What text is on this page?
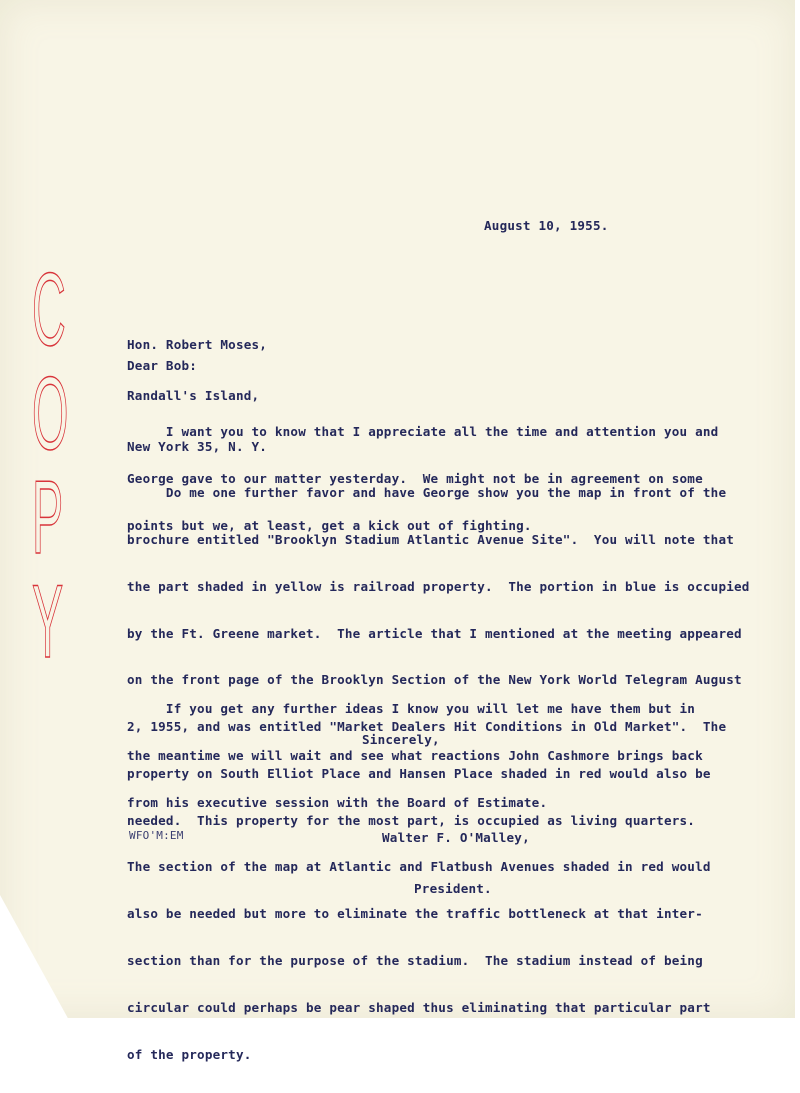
C
O
P
Y
August 10, 1955.

Hon. Robert Moses,

Randall's Island,

New York 35, N. Y.

Dear Bob:

I want you to know that I appreciate all the time and attention you and

George gave to our matter yesterday.  We might not be in agreement on some

points but we, at least, get a kick out of fighting.

Do me one further favor and have George show you the map in front of the

brochure entitled "Brooklyn Stadium Atlantic Avenue Site".  You will note that

the part shaded in yellow is railroad property.  The portion in blue is occupied

by the Ft. Greene market.  The article that I mentioned at the meeting appeared

on the front page of the Brooklyn Section of the New York World Telegram August

2, 1955, and was entitled "Market Dealers Hit Conditions in Old Market".  The

property on South Elliot Place and Hansen Place shaded in red would also be

needed.  This property for the most part, is occupied as living quarters.

The section of the map at Atlantic and Flatbush Avenues shaded in red would

also be needed but more to eliminate the traffic bottleneck at that inter-

section than for the purpose of the stadium.  The stadium instead of being

circular could perhaps be pear shaped thus eliminating that particular part

of the property.

If you get any further ideas I know you will let me have them but in

the meantime we will wait and see what reactions John Cashmore brings back

from his executive session with the Board of Estimate.

Sincerely,

Walter F. O'Malley,

President.

WFO'M:EM
